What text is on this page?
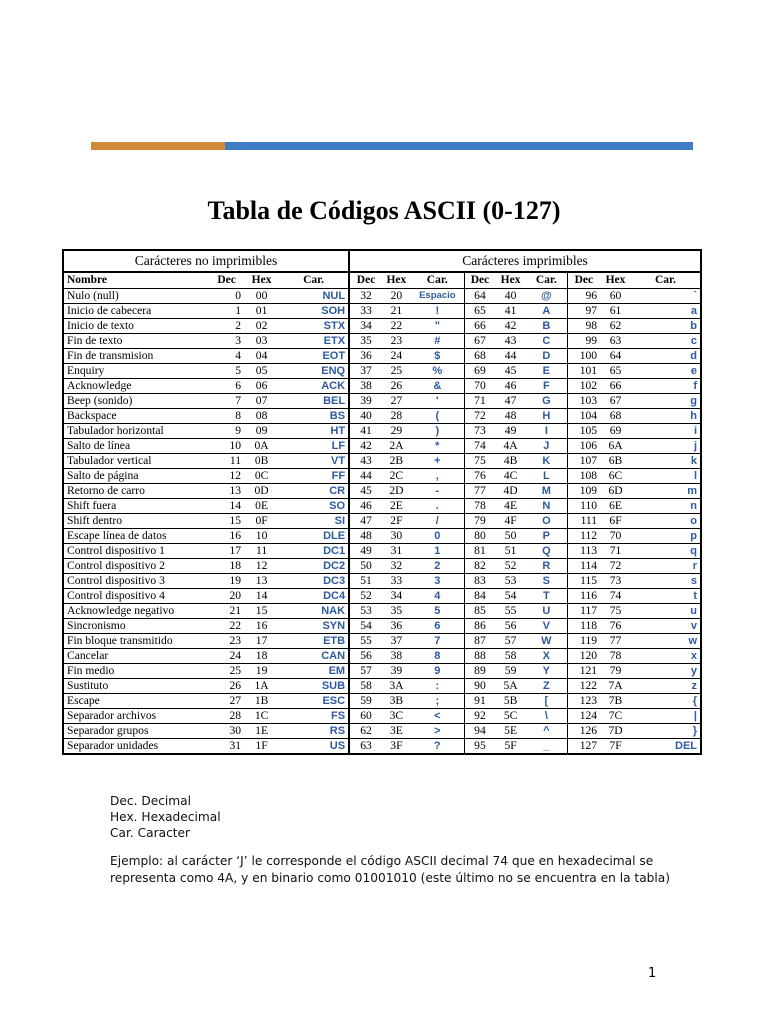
Tabla de Códigos ASCII (0-127)
Carácteres no imprimibles				Carácteres imprimibles								
Nombre	Dec	Hex	Car.	Dec	Hex	Car.	Dec	Hex	Car.	Dec	Hex	Car.
Nulo (null)	0	00	NUL	32	20	Espacio	64	40	@	96	60	`
Inicio de cabecera	1	01	SOH	33	21	!	65	41	A	97	61	a
Inicio de texto	2	02	STX	34	22	"	66	42	B	98	62	b
Fin de texto	3	03	ETX	35	23	#	67	43	C	99	63	c
Fin de transmision	4	04	EOT	36	24	$	68	44	D	100	64	d
Enquiry	5	05	ENQ	37	25	%	69	45	E	101	65	e
Acknowledge	6	06	ACK	38	26	&	70	46	F	102	66	f
Beep (sonido)	7	07	BEL	39	27	'	71	47	G	103	67	g
Backspace	8	08	BS	40	28	(	72	48	H	104	68	h
Tabulador horizontal	9	09	HT	41	29	)	73	49	I	105	69	i
Salto de línea	10	0A	LF	42	2A	*	74	4A	J	106	6A	j
Tabulador vertical	11	0B	VT	43	2B	+	75	4B	K	107	6B	k
Salto de página	12	0C	FF	44	2C	,	76	4C	L	108	6C	l
Retorno de carro	13	0D	CR	45	2D	-	77	4D	M	109	6D	m
Shift fuera	14	0E	SO	46	2E	.	78	4E	N	110	6E	n
Shift dentro	15	0F	SI	47	2F	/	79	4F	O	111	6F	o
Escape línea de datos	16	10	DLE	48	30	0	80	50	P	112	70	p
Control dispositivo 1	17	11	DC1	49	31	1	81	51	Q	113	71	q
Control dispositivo 2	18	12	DC2	50	32	2	82	52	R	114	72	r
Control dispositivo 3	19	13	DC3	51	33	3	83	53	S	115	73	s
Control dispositivo 4	20	14	DC4	52	34	4	84	54	T	116	74	t
Acknowledge negativo	21	15	NAK	53	35	5	85	55	U	117	75	u
Sincronismo	22	16	SYN	54	36	6	86	56	V	118	76	v
Fin bloque transmitido	23	17	ETB	55	37	7	87	57	W	119	77	w
Cancelar	24	18	CAN	56	38	8	88	58	X	120	78	x
Fin medio	25	19	EM	57	39	9	89	59	Y	121	79	y
Sustituto	26	1A	SUB	58	3A	:	90	5A	Z	122	7A	z
Escape	27	1B	ESC	59	3B	;	91	5B	[	123	7B	{
Separador archivos	28	1C	FS	60	3C	<	92	5C	\	124	7C	|
Separador grupos	30	1E	RS	62	3E	>	94	5E	^	126	7D	}
Separador unidades	31	1F	US	63	3F	?	95	5F	_	127	7F	DEL
Dec. Decimal
Hex. Hexadecimal
Car. Caracter
Ejemplo: al carácter ‘J’ le corresponde el código ASCII decimal 74 que en hexadecimal se representa como 4A, y en binario como 01001010 (este último no se encuentra en la tabla)
1
